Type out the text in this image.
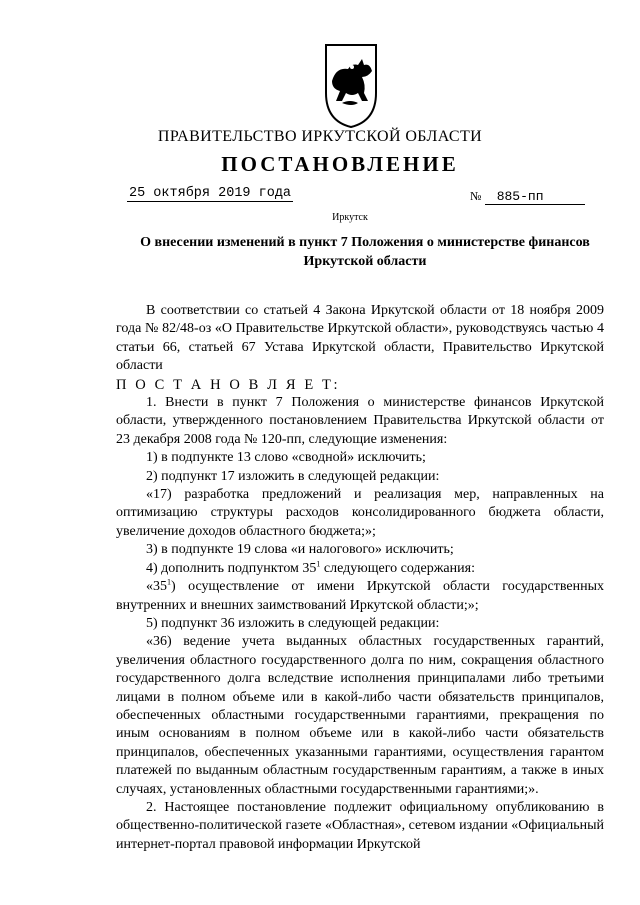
ПРАВИТЕЛЬСТВО ИРКУТСКОЙ ОБЛАСТИ
ПОСТАНОВЛЕНИЕ
25 октября 2019 года	№ 885-пп
Иркутск
О внесении изменений в пункт 7 Положения о министерстве финансов
Иркутской области

В соответствии со статьей 4 Закона Иркутской области от 18 ноября 2009 года № 82/48-оз «О Правительстве Иркутской области», руководствуясь частью 4 статьи 66, статьей 67 Устава Иркутской области, Правительство Иркутской области

П О С Т А Н О В Л Я Е Т:

1. Внести в пункт 7 Положения о министерстве финансов Иркутской области, утвержденного постановлением Правительства Иркутской области от 23 декабря 2008 года № 120-пп, следующие изменения:

1) в подпункте 13 слово «сводной» исключить;

2) подпункт 17 изложить в следующей редакции:

«17) разработка предложений и реализация мер, направленных на оптимизацию структуры расходов консолидированного бюджета области, увеличение доходов областного бюджета;»;

3) в подпункте 19 слова «и налогового» исключить;

4) дополнить подпунктом $35^1$ следующего содержания:

«$35^1$) осуществление от имени Иркутской области государственных внутренних и внешних заимствований Иркутской области;»;

5) подпункт 36 изложить в следующей редакции:

«36) ведение учета выданных областных государственных гарантий, увеличения областного государственного долга по ним, сокращения областного государственного долга вследствие исполнения принципалами либо третьими лицами в полном объеме или в какой-либо части обязательств принципалов, обеспеченных областными государственными гарантиями, прекращения по иным основаниям в полном объеме или в какой-либо части обязательств принципалов, обеспеченных указанными гарантиями, осуществления гарантом платежей по выданным областным государственным гарантиям, а также в иных случаях, установленных областными государственными гарантиями;».

2. Настоящее постановление подлежит официальному опубликованию в общественно-политической газете «Областная», сетевом издании «Официальный интернет-портал правовой информации Иркутской
